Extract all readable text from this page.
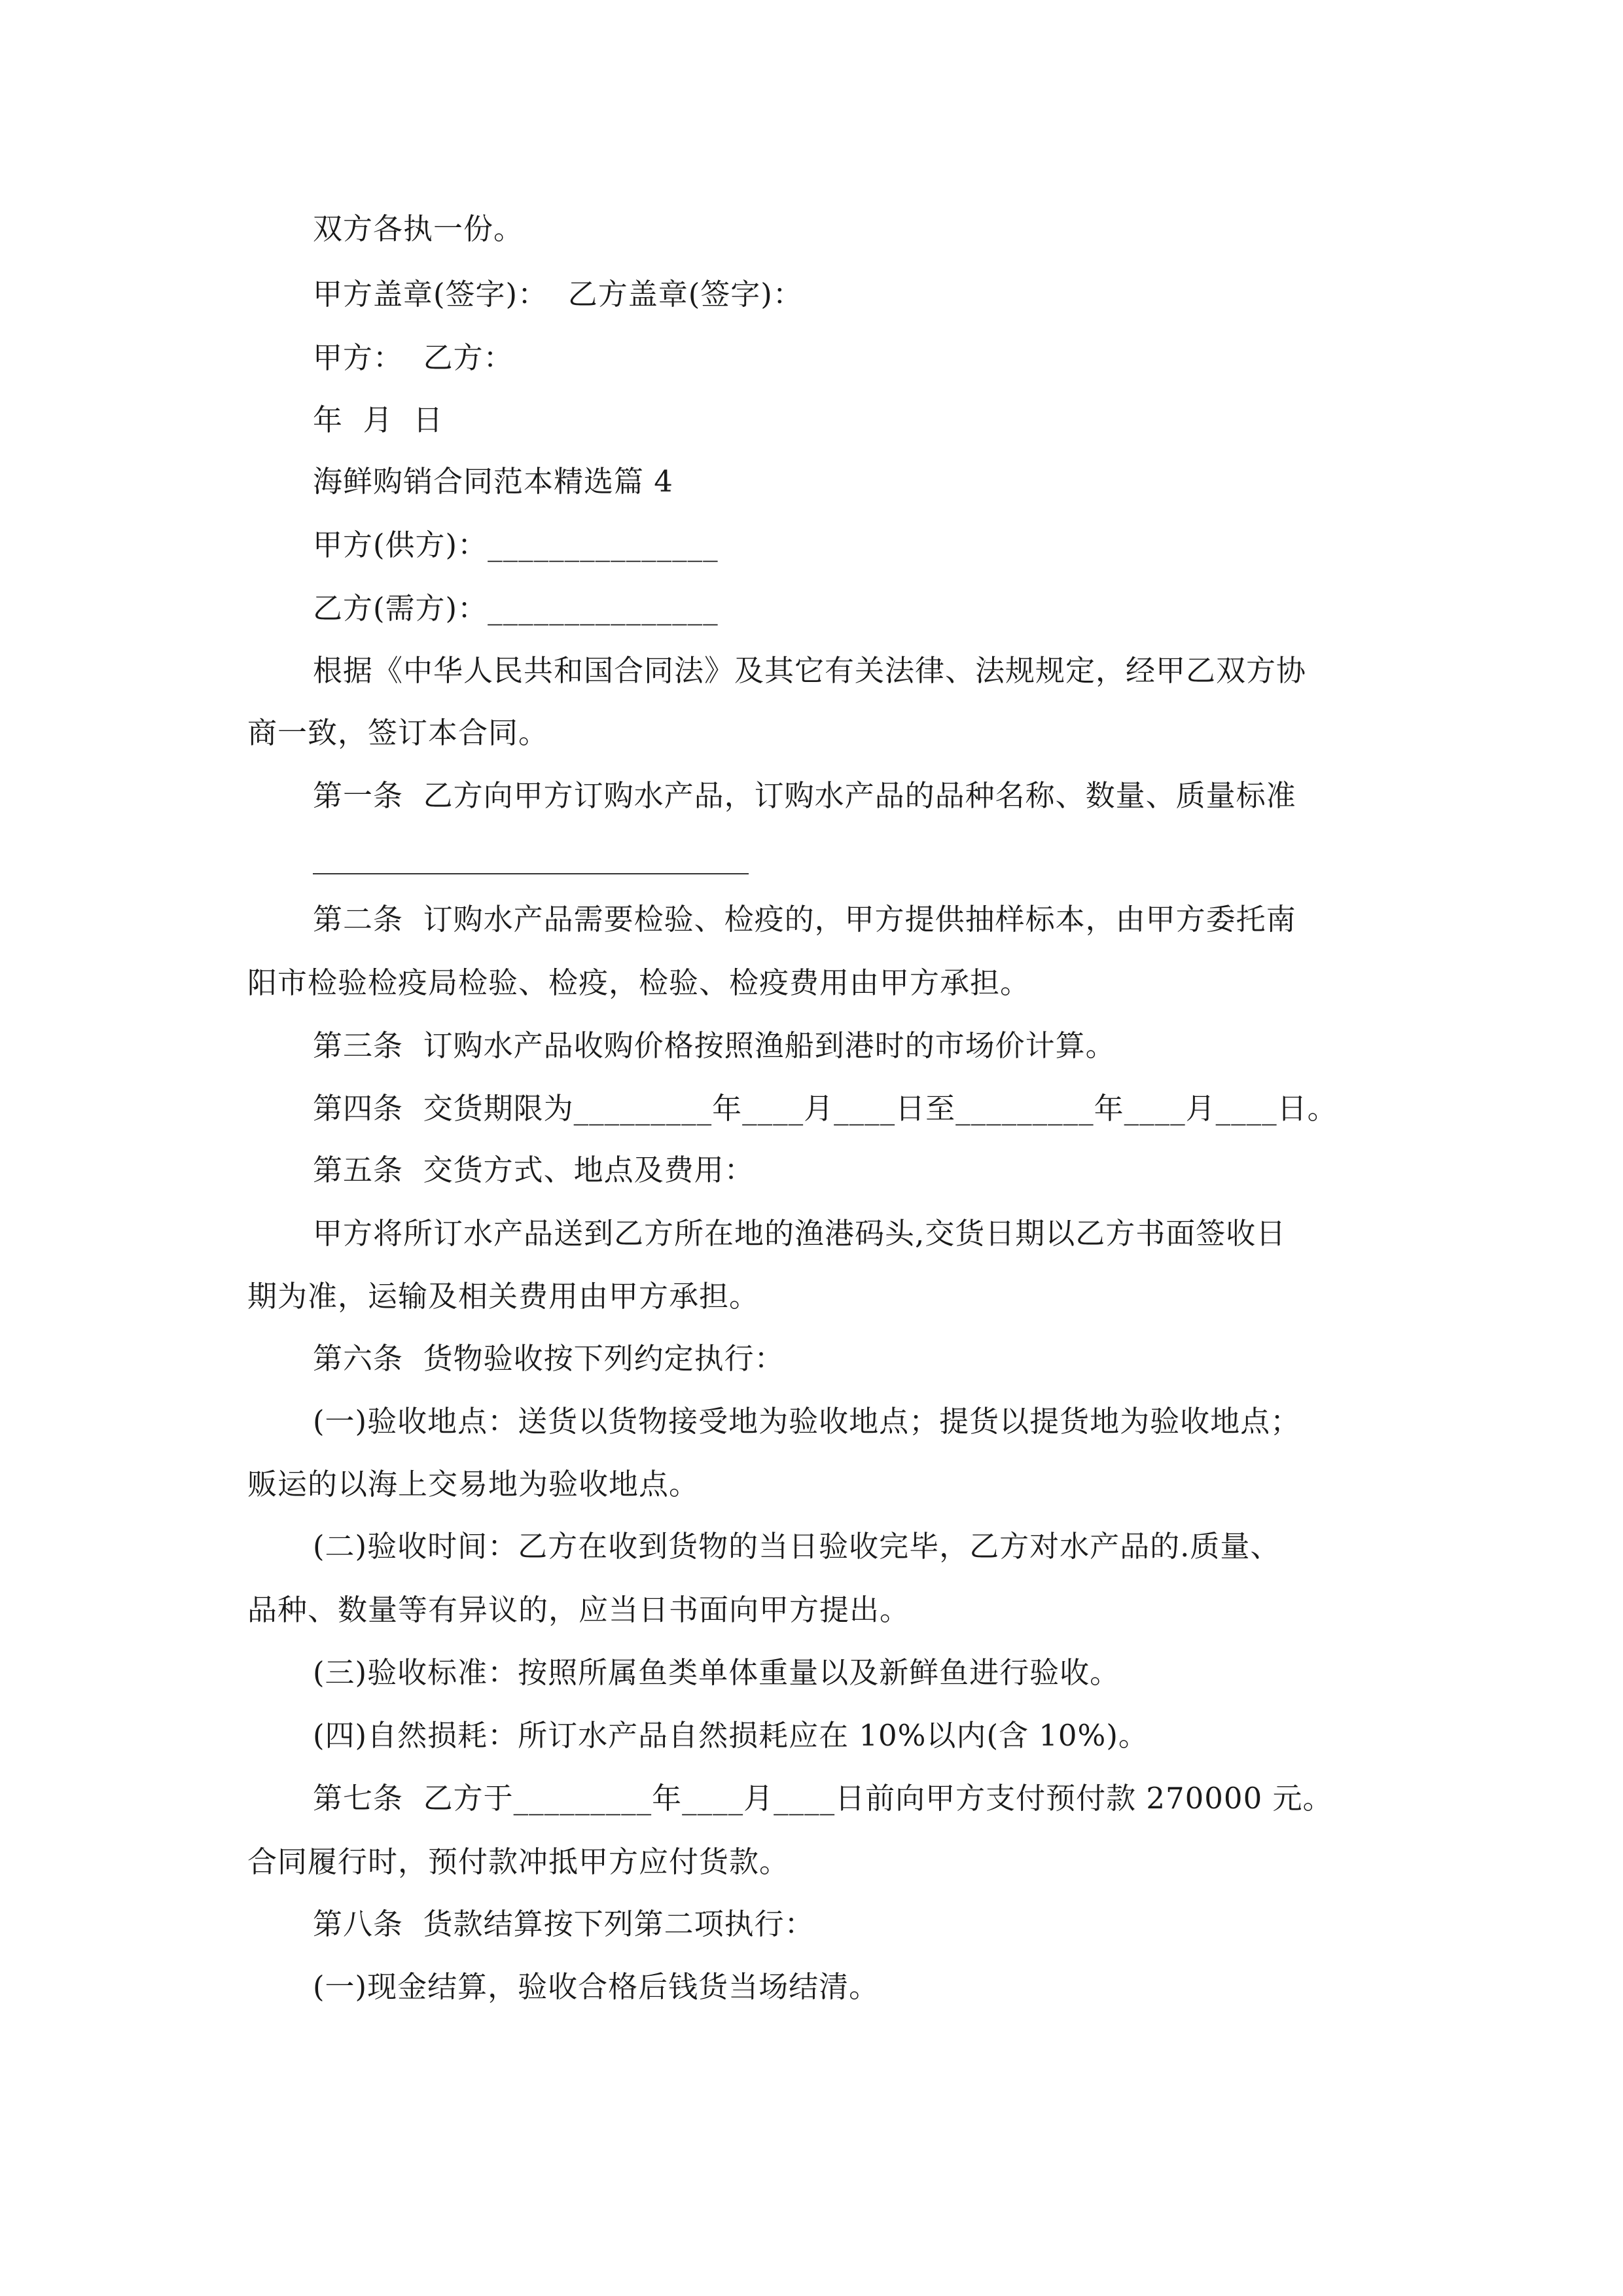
双方各执一份。
甲方盖章(签字)：  乙方盖章(签字)：
甲方：  乙方：
年  月  日
海鲜购销合同范本精选篇 4
甲方(供方)：_______________
乙方(需方)：_______________
根据《中华人民共和国合同法》及其它有关法律、法规规定，经甲乙双方协
商一致，签订本合同。
第一条  乙方向甲方订购水产品，订购水产品的品种名称、数量、质量标准
第二条  订购水产品需要检验、检疫的，甲方提供抽样标本，由甲方委托南
阳市检验检疫局检验、检疫，检验、检疫费用由甲方承担。
第三条  订购水产品收购价格按照渔船到港时的市场价计算。
第四条  交货期限为_________年____月____日至_________年____月____日。
第五条  交货方式、地点及费用：
甲方将所订水产品送到乙方所在地的渔港码头,交货日期以乙方书面签收日
期为准，运输及相关费用由甲方承担。
第六条  货物验收按下列约定执行：
(一)验收地点：送货以货物接受地为验收地点；提货以提货地为验收地点；
贩运的以海上交易地为验收地点。
(二)验收时间：乙方在收到货物的当日验收完毕，乙方对水产品的.质量、
品种、数量等有异议的，应当日书面向甲方提出。
(三)验收标准：按照所属鱼类单体重量以及新鲜鱼进行验收。
(四)自然损耗：所订水产品自然损耗应在 10%以内(含 10%)。
第七条  乙方于_________年____月____日前向甲方支付预付款 270000 元。
合同履行时，预付款冲抵甲方应付货款。
第八条  货款结算按下列第二项执行：
(一)现金结算，验收合格后钱货当场结清。
